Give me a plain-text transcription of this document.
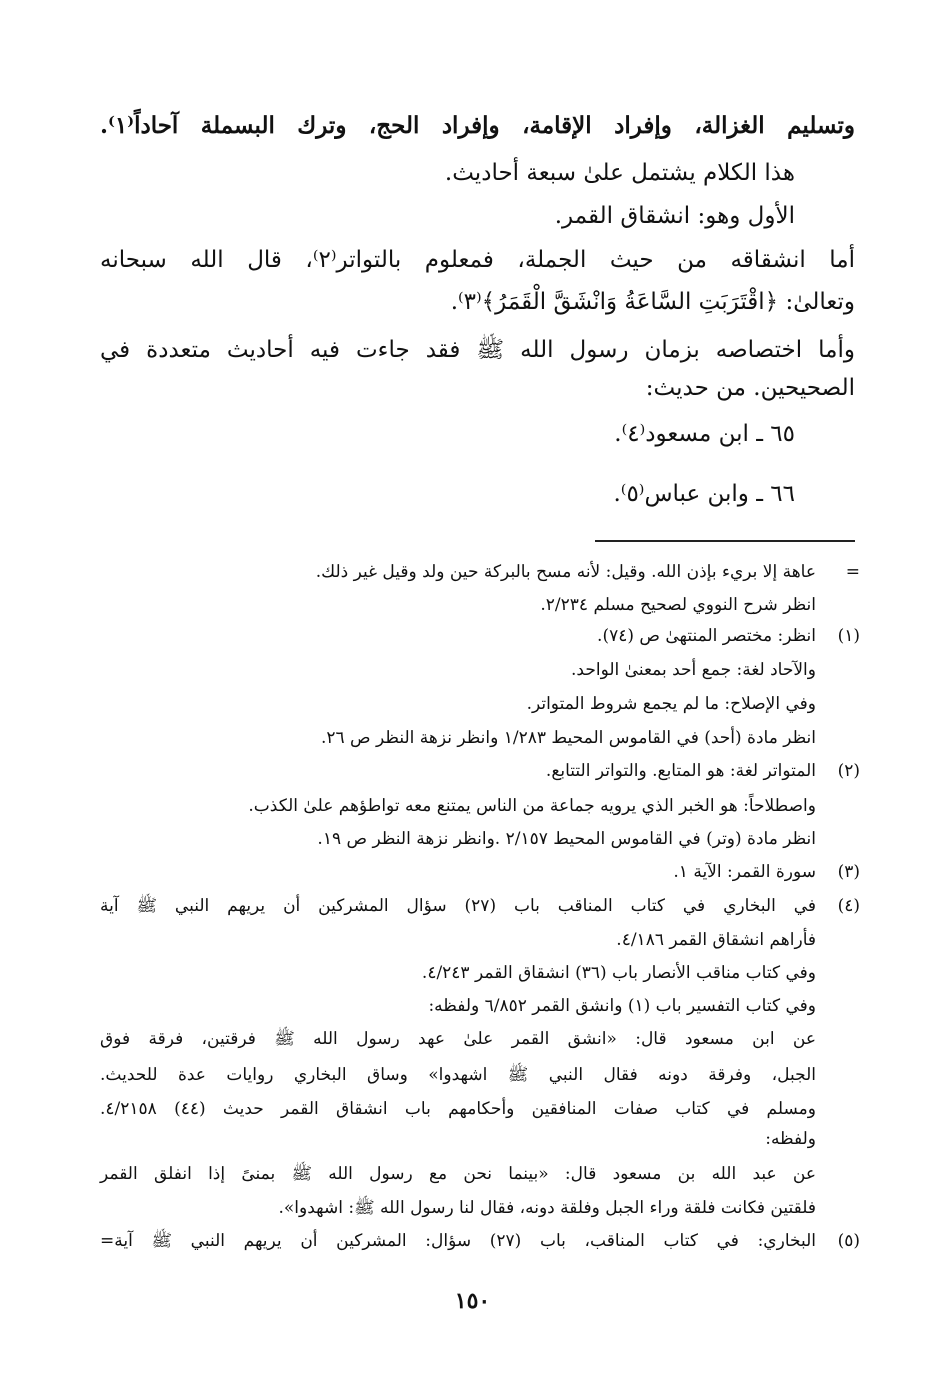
وتسليم الغزالة، وإفراد الإقامة، وإفراد الحج، وترك البسملة آحاداً⁽١⁾.
هذا الكلام يشتمل علىٰ سبعة أحاديث.
الأول وهو: انشقاق القمر.
أما انشقاقه من حيث الجملة، فمعلوم بالتواتر⁽٢⁾، قال الله سبحانه
وتعالىٰ: ﴿اقْتَرَبَتِ السَّاعَةُ وَانْشَقَّ الْقَمَرُ﴾⁽٣⁾.
وأما اختصاصه بزمان رسول الله ﷺ فقد جاءت فيه أحاديث متعددة في
الصحيحين. من حديث:
٦٥ ـ ابن مسعود⁽٤⁾.
٦٦ ـ وابن عباس⁽٥⁾.
=
عاهة إلا بريء بإذن الله. وقيل: لأنه مسح بالبركة حين ولد وقيل غير ذلك.
انظر شرح النووي لصحيح مسلم ٢/٢٣٤.
(١)
انظر: مختصر المنتهىٰ ص (٧٤).
والآحاد لغة: جمع أحد بمعنىٰ الواحد.
وفي الإصلاح: ما لم يجمع شروط المتواتر.
انظر مادة (أحد) في القاموس المحيط ١/٢٨٣ وانظر نزهة النظر ص ٢٦.
(٢)
المتواتر لغة: هو المتابع. والتواتر التتابع.
واصطلاحاً: هو الخبر الذي يرويه جماعة من الناس يمتنع معه تواطؤهم علىٰ الكذب.
انظر مادة (وتر) في القاموس المحيط ٢/١٥٧ .وانظر نزهة النظر ص ١٩.
(٣)
سورة القمر: الآية ١.
(٤)
في البخاري في كتاب المناقب باب (٢٧) سؤال المشركين أن يريهم النبي ﷺ آية
فأراهم انشقاق القمر ٤/١٨٦.
وفي كتاب مناقب الأنصار باب (٣٦) انشقاق القمر ٤/٢٤٣.
وفي كتاب التفسير باب (١) وانشق القمر ٦/٨٥٢ ولفظه:
عن ابن مسعود قال: «انشق القمر علىٰ عهد رسول الله ﷺ فرقتين، فرقة فوق
الجبل، وفرقة دونه فقال النبي ﷺ اشهدوا» وساق البخاري روايات عدة للحديث.
ومسلم في كتاب صفات المنافقين وأحكامهم باب انشقاق القمر حديث (٤٤) ٤/٢١٥٨.
ولفظه:
عن عبد الله بن مسعود قال: «بينما نحن مع رسول الله ﷺ بمنىً إذا انفلق القمر
فلقتين فكانت فلقة وراء الجبل وفلقة دونه، فقال لنا رسول الله ﷺ: اشهدوا».
(٥)
البخاري: في كتاب المناقب، باب (٢٧) سؤال: المشركين أن يريهم النبي ﷺ آية=
١٥٠
